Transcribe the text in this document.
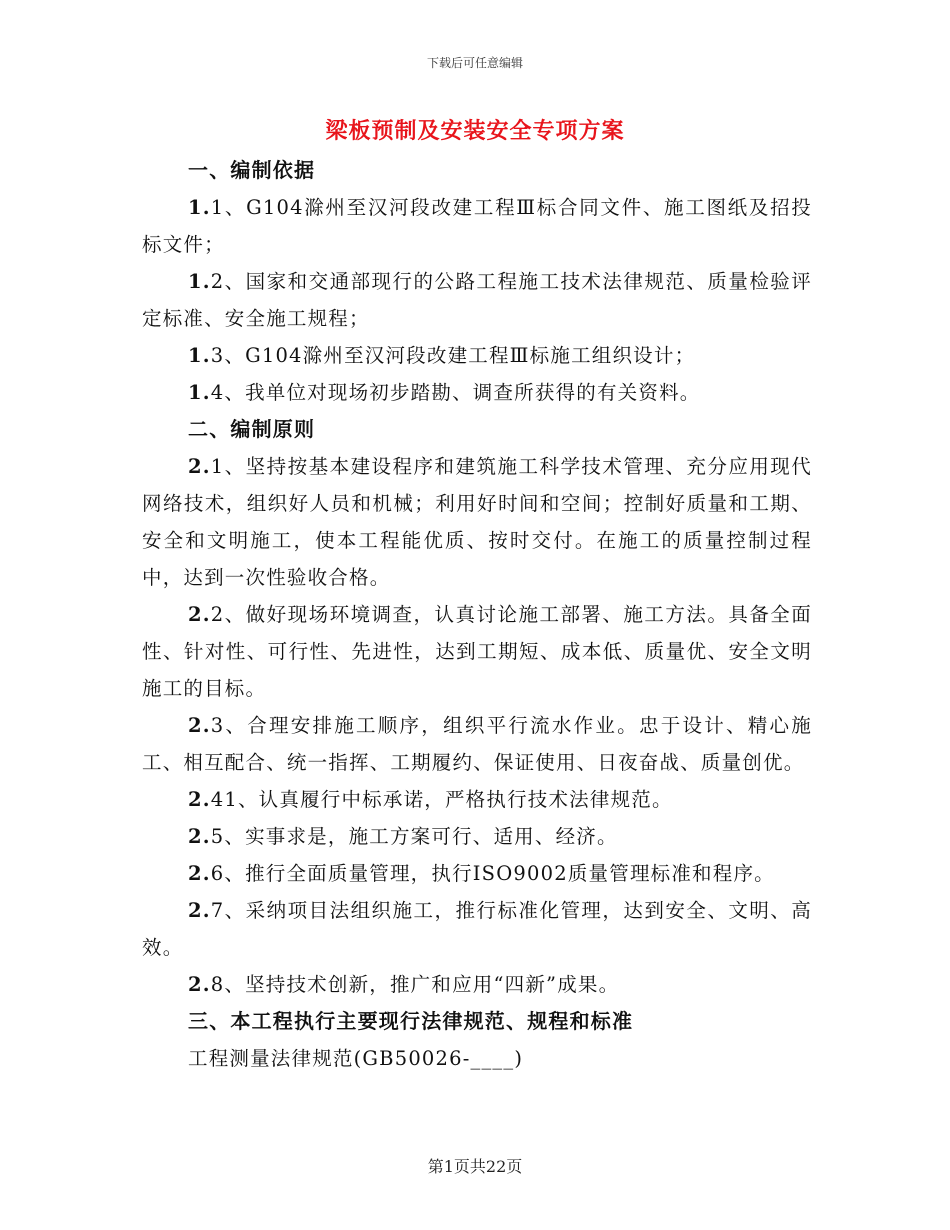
下载后可任意编辑
梁板预制及安装安全专项方案

一、编制依据

1.1、G104滁州至汉河段改建工程Ⅲ标合同文件、施工图纸及招投标文件；

1.2、国家和交通部现行的公路工程施工技术法律规范、质量检验评定标准、安全施工规程；

1.3、G104滁州至汉河段改建工程Ⅲ标施工组织设计；

1.4、我单位对现场初步踏勘、调查所获得的有关资料。

二、编制原则

2.1、坚持按基本建设程序和建筑施工科学技术管理、充分应用现代网络技术，组织好人员和机械；利用好时间和空间；控制好质量和工期、安全和文明施工，使本工程能优质、按时交付。在施工的质量控制过程中，达到一次性验收合格。

2.2、做好现场环境调查，认真讨论施工部署、施工方法。具备全面性、针对性、可行性、先进性，达到工期短、成本低、质量优、安全文明施工的目标。

2.3、合理安排施工顺序，组织平行流水作业。忠于设计、精心施工、相互配合、统一指挥、工期履约、保证使用、日夜奋战、质量创优。

2.41、认真履行中标承诺，严格执行技术法律规范。

2.5、实事求是，施工方案可行、适用、经济。

2.6、推行全面质量管理，执行ISO9002质量管理标准和程序。

2.7、采纳项目法组织施工，推行标准化管理，达到安全、文明、高效。

2.8、坚持技术创新，推广和应用“四新”成果。

三、本工程执行主要现行法律规范、规程和标准

工程测量法律规范(GB50026-____)

第1页共22页
